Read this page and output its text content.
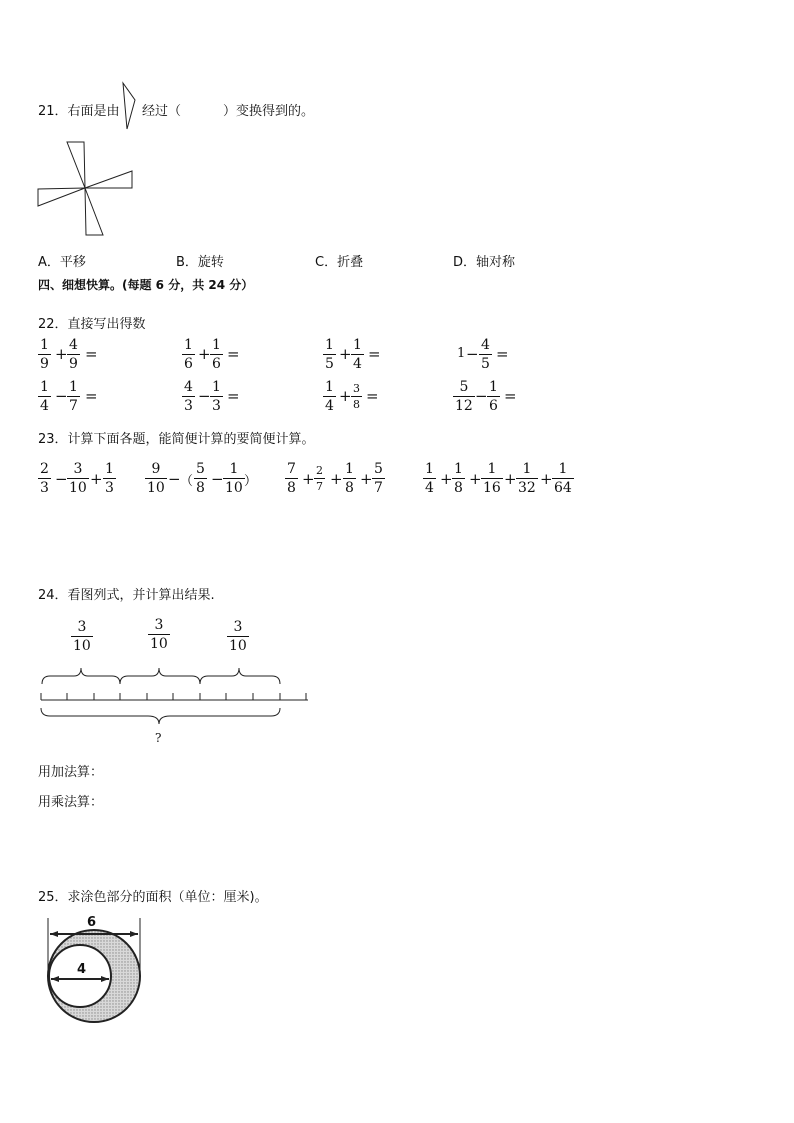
21．右面是由 经过（	）变换得到的。
A．平移	B．旋转	C．折叠	D．轴对称
四、细想快算。(每题 6 分，共 24 分）
22．直接写出得数
$\frac{1}{9} + \frac{4}{9}$ =	$\frac{1}{6} + \frac{1}{6}$ =	$\frac{1}{5} + \frac{1}{4}$ =	$1 - \frac{4}{5}$ =
$\frac{1}{4} - \frac{1}{7}$ =	$\frac{4}{3} - \frac{1}{3}$ =	$\frac{1}{4} + \frac{3}{8}$ =	$\frac{5}{12} - \frac{1}{6}$ =
23．计算下面各题，能简便计算的要简便计算。
$\frac{2}{3} - \frac{3}{10} + \frac{1}{3} \frac{9}{10}$ − （ $\frac{5}{8} - \frac{1}{10}$ ） $\frac{7}{8} + \frac{2}{7} + \frac{1}{8} + \frac{5}{7}$	$\frac{1}{4} + \frac{1}{8} + \frac{1}{16} + \frac{1}{32} + \frac{1}{64}$
24．看图列式，并计算出结果.
$\frac{3}{10}$	$\frac{3}{10}$	$\frac{3}{10}$
?
用加法算：
用乘法算：
25．求涂色部分的面积（单位：厘米)。
6
4
